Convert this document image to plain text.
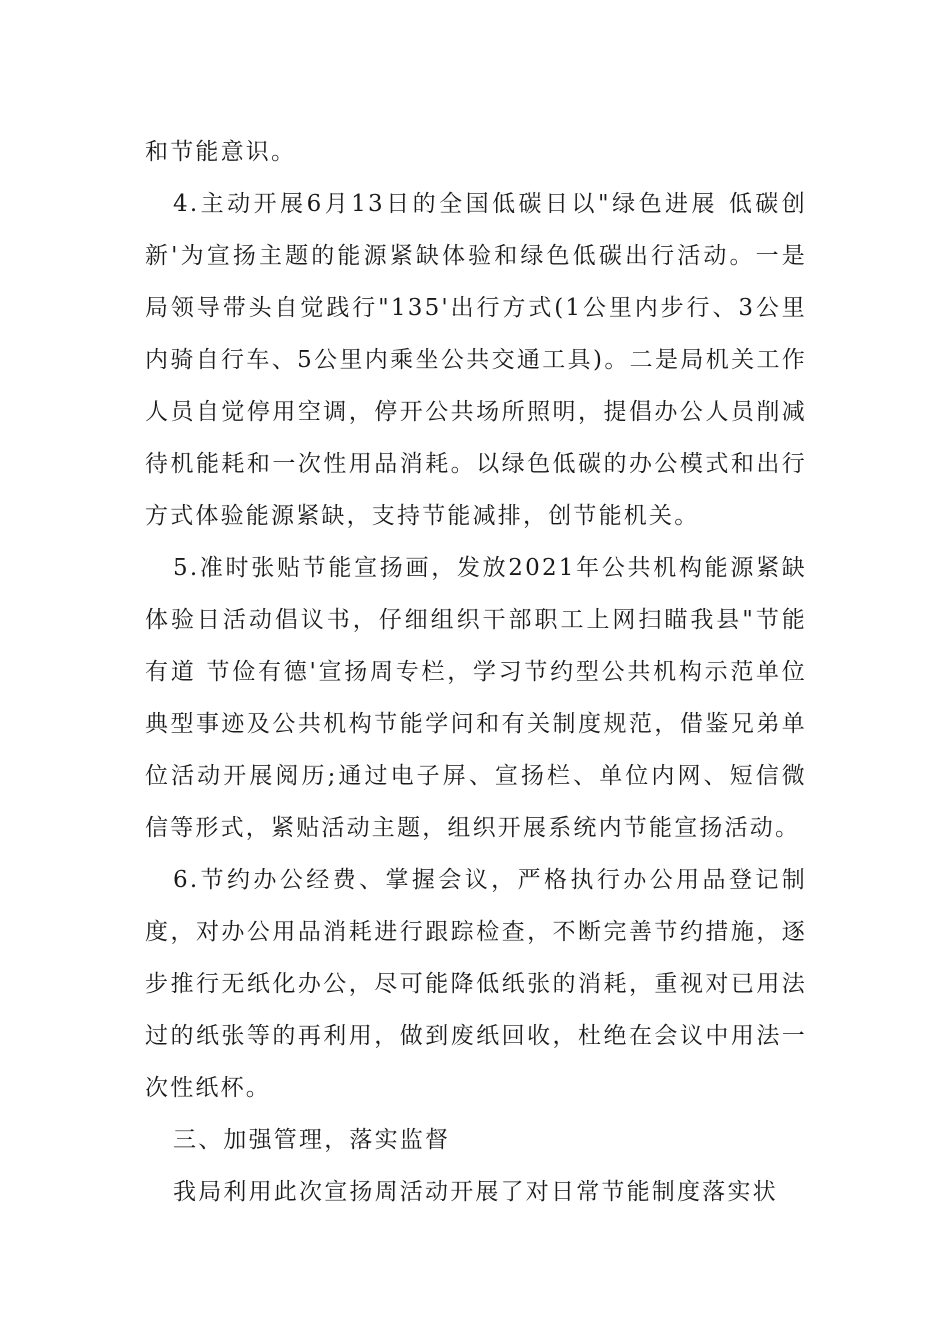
和节能意识。

4.主动开展6月13日的全国低碳日以"绿色进展 低碳创新'为宣扬主题的能源紧缺体验和绿色低碳出行活动。一是局领导带头自觉践行"135'出行方式(1公里内步行、3公里内骑自行车、5公里内乘坐公共交通工具)。二是局机关工作人员自觉停用空调，停开公共场所照明，提倡办公人员削减待机能耗和一次性用品消耗。以绿色低碳的办公模式和出行方式体验能源紧缺，支持节能减排，创节能机关。

5.准时张贴节能宣扬画，发放2021年公共机构能源紧缺体验日活动倡议书，仔细组织干部职工上网扫瞄我县"节能有道 节俭有德'宣扬周专栏，学习节约型公共机构示范单位典型事迹及公共机构节能学问和有关制度规范，借鉴兄弟单位活动开展阅历;通过电子屏、宣扬栏、单位内网、短信微信等形式，紧贴活动主题，组织开展系统内节能宣扬活动。

6.节约办公经费、掌握会议，严格执行办公用品登记制度，对办公用品消耗进行跟踪检查，不断完善节约措施，逐步推行无纸化办公，尽可能降低纸张的消耗，重视对已用法过的纸张等的再利用，做到废纸回收，杜绝在会议中用法一次性纸杯。

三、加强管理，落实监督

我局利用此次宣扬周活动开展了对日常节能制度落实状
